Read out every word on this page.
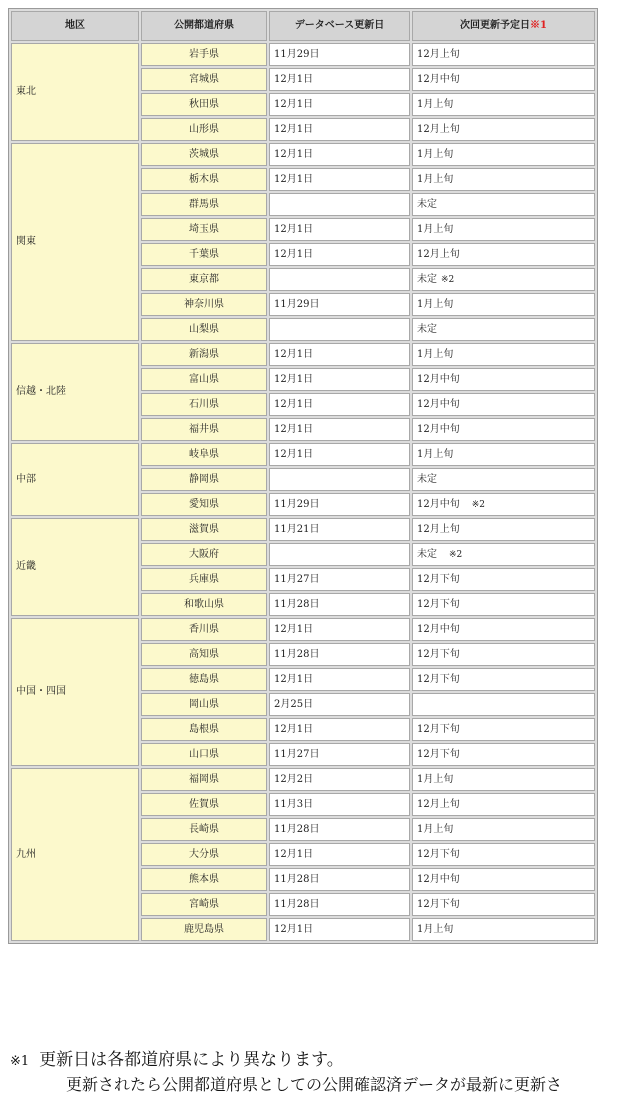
地区	公開都道府県	データベース更新日	次回更新予定日※1
東北	岩手県	11月29日	12月上旬
	宮城県	12月1日	12月中旬
	秋田県	12月1日	1月上旬
	山形県	12月1日	12月上旬
関東	茨城県	12月1日	1月上旬
	栃木県	12月1日	1月上旬
	群馬県		未定
	埼玉県	12月1日	1月上旬
	千葉県	12月1日	12月上旬
	東京都		未定 ※2
	神奈川県	11月29日	1月上旬
	山梨県		未定
信越・北陸	新潟県	12月1日	1月上旬
	富山県	12月1日	12月中旬
	石川県	12月1日	12月中旬
	福井県	12月1日	12月中旬
中部	岐阜県	12月1日	1月上旬
	静岡県		未定
	愛知県	11月29日	12月中旬 ※2
近畿	滋賀県	11月21日	12月上旬
	大阪府		未定 ※2
	兵庫県	11月27日	12月下旬
	和歌山県	11月28日	12月下旬
中国・四国	香川県	12月1日	12月中旬
	高知県	11月28日	12月下旬
	徳島県	12月1日	12月下旬
	岡山県	2月25日	
	島根県	12月1日	12月下旬
	山口県	11月27日	12月下旬
九州	福岡県	12月2日	1月上旬
	佐賀県	11月3日	12月上旬
	長崎県	11月28日	1月上旬
	大分県	12月1日	12月下旬
	熊本県	11月28日	12月中旬
	宮崎県	11月28日	12月下旬
	鹿児島県	12月1日	1月上旬
※1 更新日は各都道府県により異なります。
更新されたら公開都道府県としての公開確認済データが最新に更新さ
